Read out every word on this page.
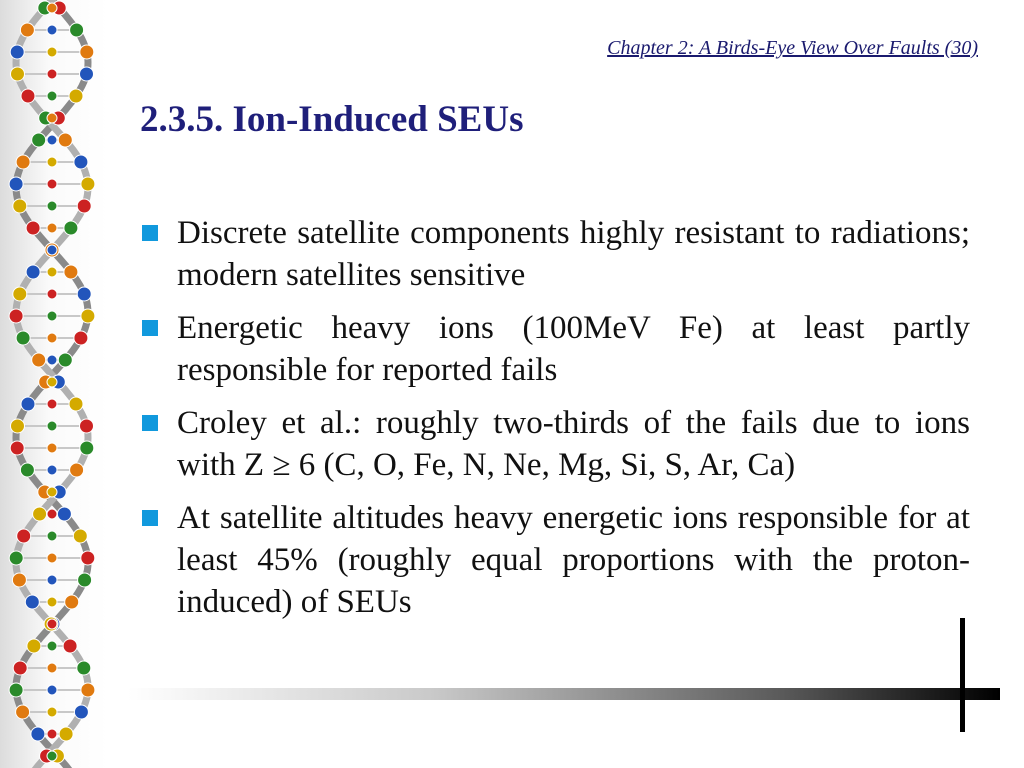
Chapter 2: A Birds-Eye View Over Faults (30)
2.3.5. Ion-Induced SEUs
Discrete satellite components highly resistant to radiations; modern satellites sensitive
Energetic heavy ions (100MeV Fe) at least partly responsible for reported fails
Croley et al.: roughly two-thirds of the fails due to ions with Z ≥ 6 (C, O, Fe, N, Ne, Mg, Si, S, Ar, Ca)
At satellite altitudes heavy energetic ions responsible for at least 45% (roughly equal proportions with the proton-induced) of SEUs
